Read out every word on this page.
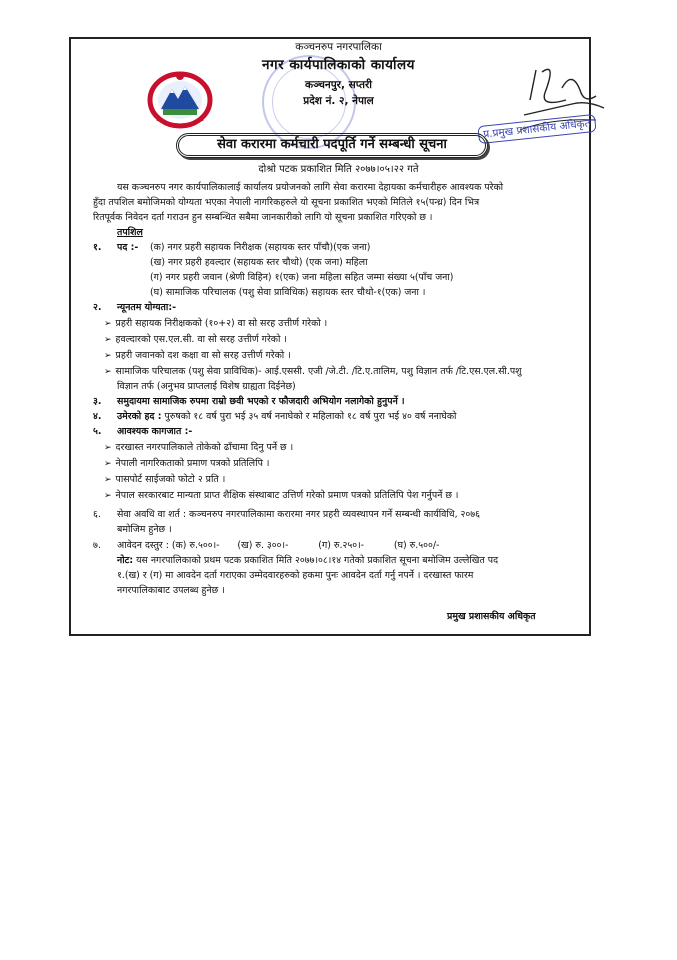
कञ्चनरुप नगरपालिका
नगर कार्यपालिकाको कार्यालय
कञ्चनपुर, सप्तरी
प्रदेश नं. २, नेपाल
प्र.प्रमुख प्रशासकीय अधिकृत
सेवा करारमा कर्मचारी पदपूर्ति गर्ने सम्बन्धी सूचना
दोश्रो पटक प्रकाशित मिति २०७७।०५।२२ गते
यस कञ्चनरुप नगर कार्यपालिकालाई कार्यालय प्रयोजनको लागि सेवा करारमा देहायका कर्मचारीहरु आवश्यक परेको
हुँदा तपशिल बमोजिमको योग्यता भएका नेपाली नागरिकहरुले यो सूचना प्रकाशित भएको मितिले १५(पन्ध्र) दिन भित्र
रितपूर्वक निवेदन दर्ता गराउन हुन सम्बन्धित सबैमा जानकारीको लागि यो सूचना प्रकाशित गरिएको छ ।
तपशिल
१. पद :- (क) नगर प्रहरी सहायक निरीक्षक (सहायक स्तर पाँचौ)(एक जना)
(ख) नगर प्रहरी हवल्दार (सहायक स्तर चौथो) (एक जना) महिला
(ग) नगर प्रहरी जवान (श्रेणी विहिन) १(एक) जना महिला सहित जम्मा संख्या ५(पाँच जना)
(घ) सामाजिक परिचालक (पशु सेवा प्राविधिक) सहायक स्तर चौथो-१(एक) जना ।
२. न्यूनतम योग्यता:-
➢ प्रहरी सहायक निरीक्षकको (१०+२) वा सो सरह उत्तीर्ण गरेको ।
➢ हवल्दारको एस.एल.सी. वा सो सरह उत्तीर्ण गरेको ।
➢ प्रहरी जवानको दश कक्षा वा सो सरह उत्तीर्ण गरेको ।
➢ सामाजिक परिचालक (पशु सेवा प्राविधिक)- आई.एससी. एजी /जे.टी. /टि.ए.तालिम, पशु विज्ञान तर्फ /टि.एस.एल.सी.पशु
विज्ञान तर्फ (अनुभव प्राप्तलाई विशेष ग्राह्यता दिईनेछ)
३. समुदायमा सामाजिक रुपमा राम्रो छवी भएको र फौजदारी अभियोग नलागेको हुनुपर्ने ।
४. उमेरको हद : पुरुषको १८ वर्ष पुरा भई ३५ वर्ष ननाघेको र महिलाको १८ वर्ष पुरा भई ४० वर्ष ननाघेको
५. आवश्यक कागजात :-
➢ दरखास्त नगरपालिकाले तोकेको ढाँचामा दिनु पर्ने छ ।
➢ नेपाली नागरिकताको प्रमाण पत्रको प्रतिलिपि ।
➢ पासपोर्ट साईजको फोटो २ प्रति ।
➢ नेपाल सरकारबाट मान्यता प्राप्त शैक्षिक संस्थाबाट उत्तिर्ण गरेको प्रमाण पत्रको प्रतिलिपि पेश गर्नुपर्ने छ ।
६. सेवा अवधि वा शर्त : कञ्चनरुप नगरपालिकामा करारमा नगर प्रहरी व्यवस्थापन गर्ने सम्बन्धी कार्यविधि, २०७६
बमोजिम हुनेछ ।
७. आवेदन दस्तुर : (क) रु.५००।-      (ख) रु. ३००।-          (ग) रु.२५०।-          (घ) रु.५००/-
नोट: यस नगरपालिकाको प्रथम पटक प्रकाशित मिति २०७७।०८।१४ गतेको प्रकाशित सूचना बमोजिम उल्लेखित पद
१.(ख) र (ग) मा आवदेन दर्ता गराएका उम्मेदवारहरुको हकमा पुनः आवदेन दर्ता गर्नु नपर्ने । दरखास्त फारम
नगरपालिकाबाट उपलब्ध हुनेछ ।
प्रमुख प्रशासकीय अधिकृत
